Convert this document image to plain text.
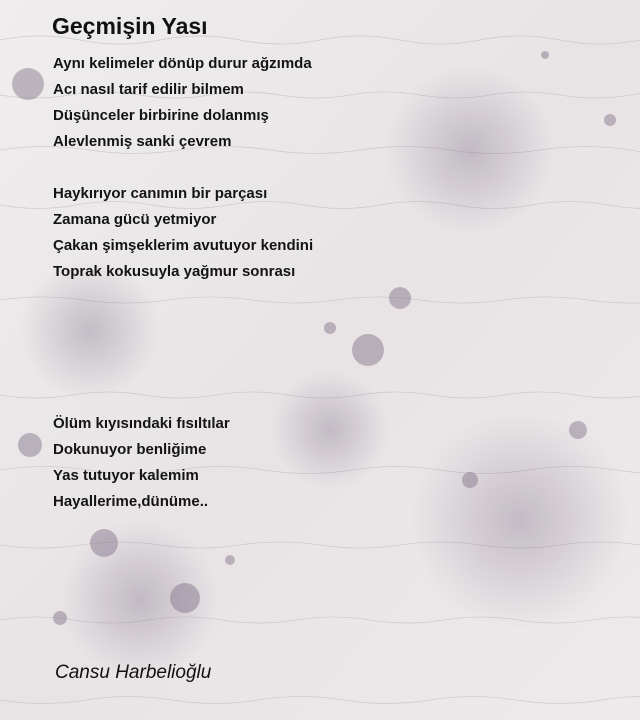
Geçmişin Yası
Aynı kelimeler dönüp durur ağzımda
Acı nasıl tarif edilir bilmem
Düşünceler birbirine dolanmış
Alevlenmiş sanki çevrem
Haykırıyor canımın bir parçası
Zamana gücü yetmiyor
Çakan şimşeklerim avutuyor kendini
Toprak kokusuyla yağmur sonrası
Ölüm kıyısındaki fısıltılar
Dokunuyor benliğime
Yas tutuyor kalemim
Hayallerime,dünüme..
Cansu Harbelioğlu
